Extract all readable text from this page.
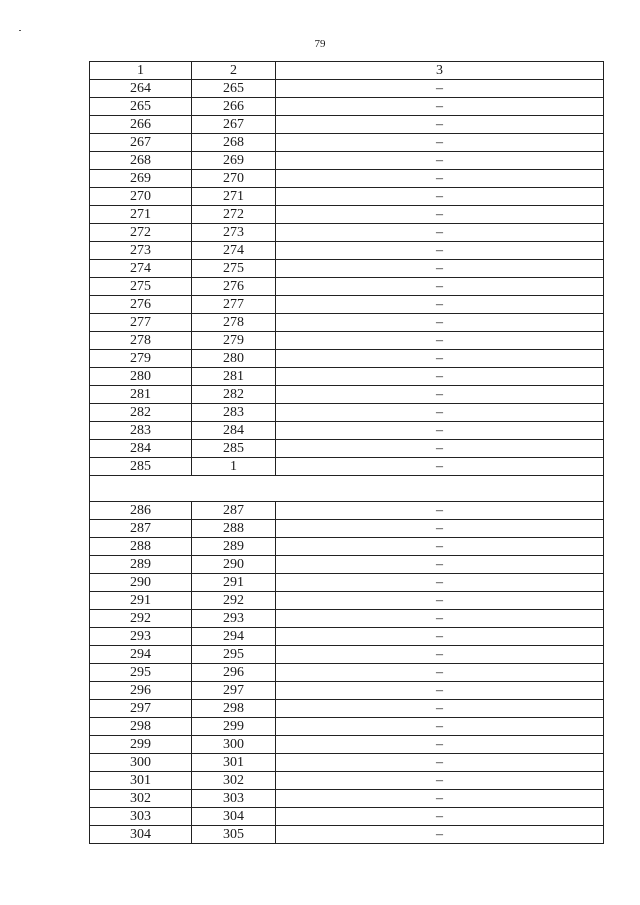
79
1	2	3
264	265	–
265	266	–
266	267	–
267	268	–
268	269	–
269	270	–
270	271	–
271	272	–
272	273	–
273	274	–
274	275	–
275	276	–
276	277	–
277	278	–
278	279	–
279	280	–
280	281	–
281	282	–
282	283	–
283	284	–
284	285	–
285	1	–

286	287	–
287	288	–
288	289	–
289	290	–
290	291	–
291	292	–
292	293	–
293	294	–
294	295	–
295	296	–
296	297	–
297	298	–
298	299	–
299	300	–
300	301	–
301	302	–
302	303	–
303	304	–
304	305	–
